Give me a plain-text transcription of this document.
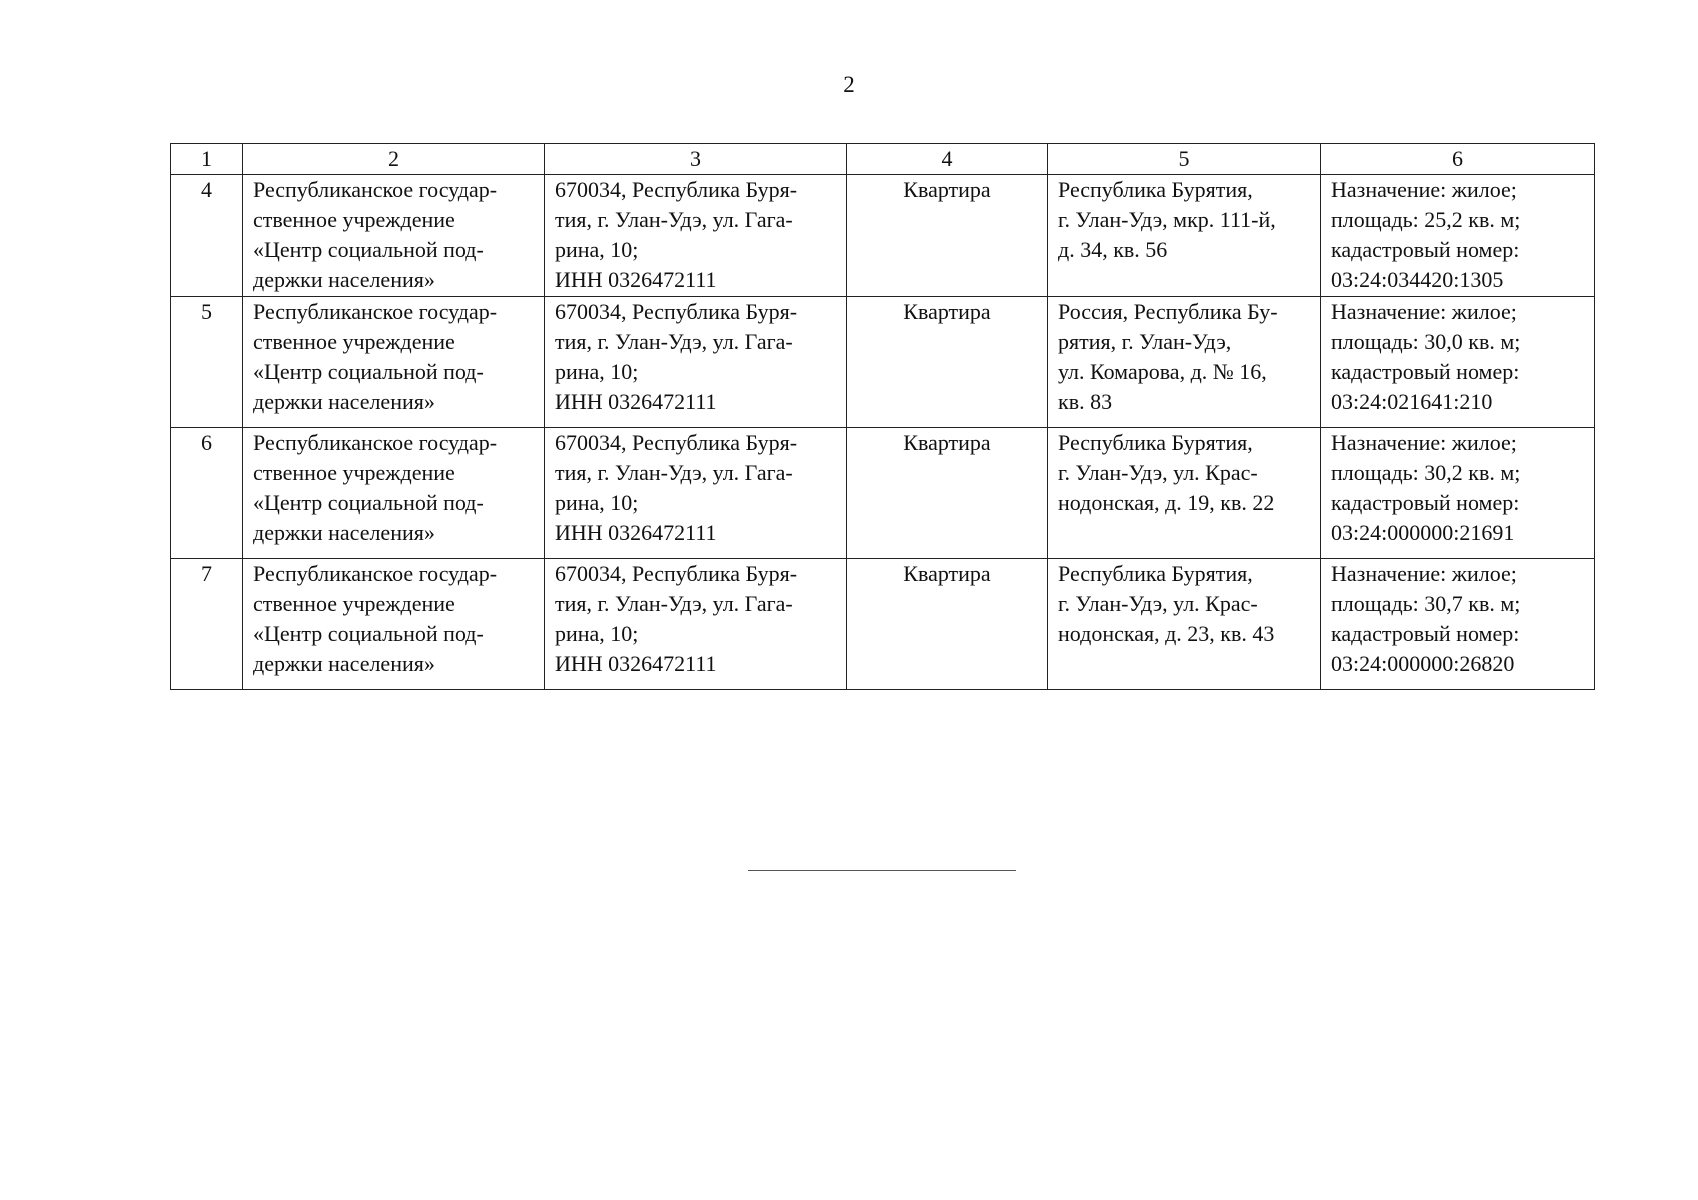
2
1	2	3	4	5	6
4	Республиканское государ-
ственное учреждение
«Центр социальной под-
держки населения»	670034, Республика Буря-
тия, г. Улан-Удэ, ул. Гага-
рина, 10;
ИНН 0326472111	Квартира	Республика Бурятия,
г. Улан-Удэ, мкр. 111-й,
д. 34, кв. 56	Назначение: жилое;
площадь: 25,2 кв. м;
кадастровый номер:
03:24:034420:1305

5	Республиканское государ-
ственное учреждение
«Центр социальной под-
держки населения»	670034, Республика Буря-
тия, г. Улан-Удэ, ул. Гага-
рина, 10;
ИНН 0326472111	Квартира	Россия, Республика Бу-
рятия, г. Улан-Удэ,
ул. Комарова, д. № 16,
кв. 83	Назначение: жилое;
площадь: 30,0 кв. м;
кадастровый номер:
03:24:021641:210

6	Республиканское государ-
ственное учреждение
«Центр социальной под-
держки населения»	670034, Республика Буря-
тия, г. Улан-Удэ, ул. Гага-
рина, 10;
ИНН 0326472111	Квартира	Республика Бурятия,
г. Улан-Удэ, ул. Крас-
нодонская, д. 19, кв. 22	Назначение: жилое;
площадь: 30,2 кв. м;
кадастровый номер:
03:24:000000:21691

7	Республиканское государ-
ственное учреждение
«Центр социальной под-
держки населения»	670034, Республика Буря-
тия, г. Улан-Удэ, ул. Гага-
рина, 10;
ИНН 0326472111	Квартира	Республика Бурятия,
г. Улан-Удэ, ул. Крас-
нодонская, д. 23, кв. 43	Назначение: жилое;
площадь: 30,7 кв. м;
кадастровый номер:
03:24:000000:26820
